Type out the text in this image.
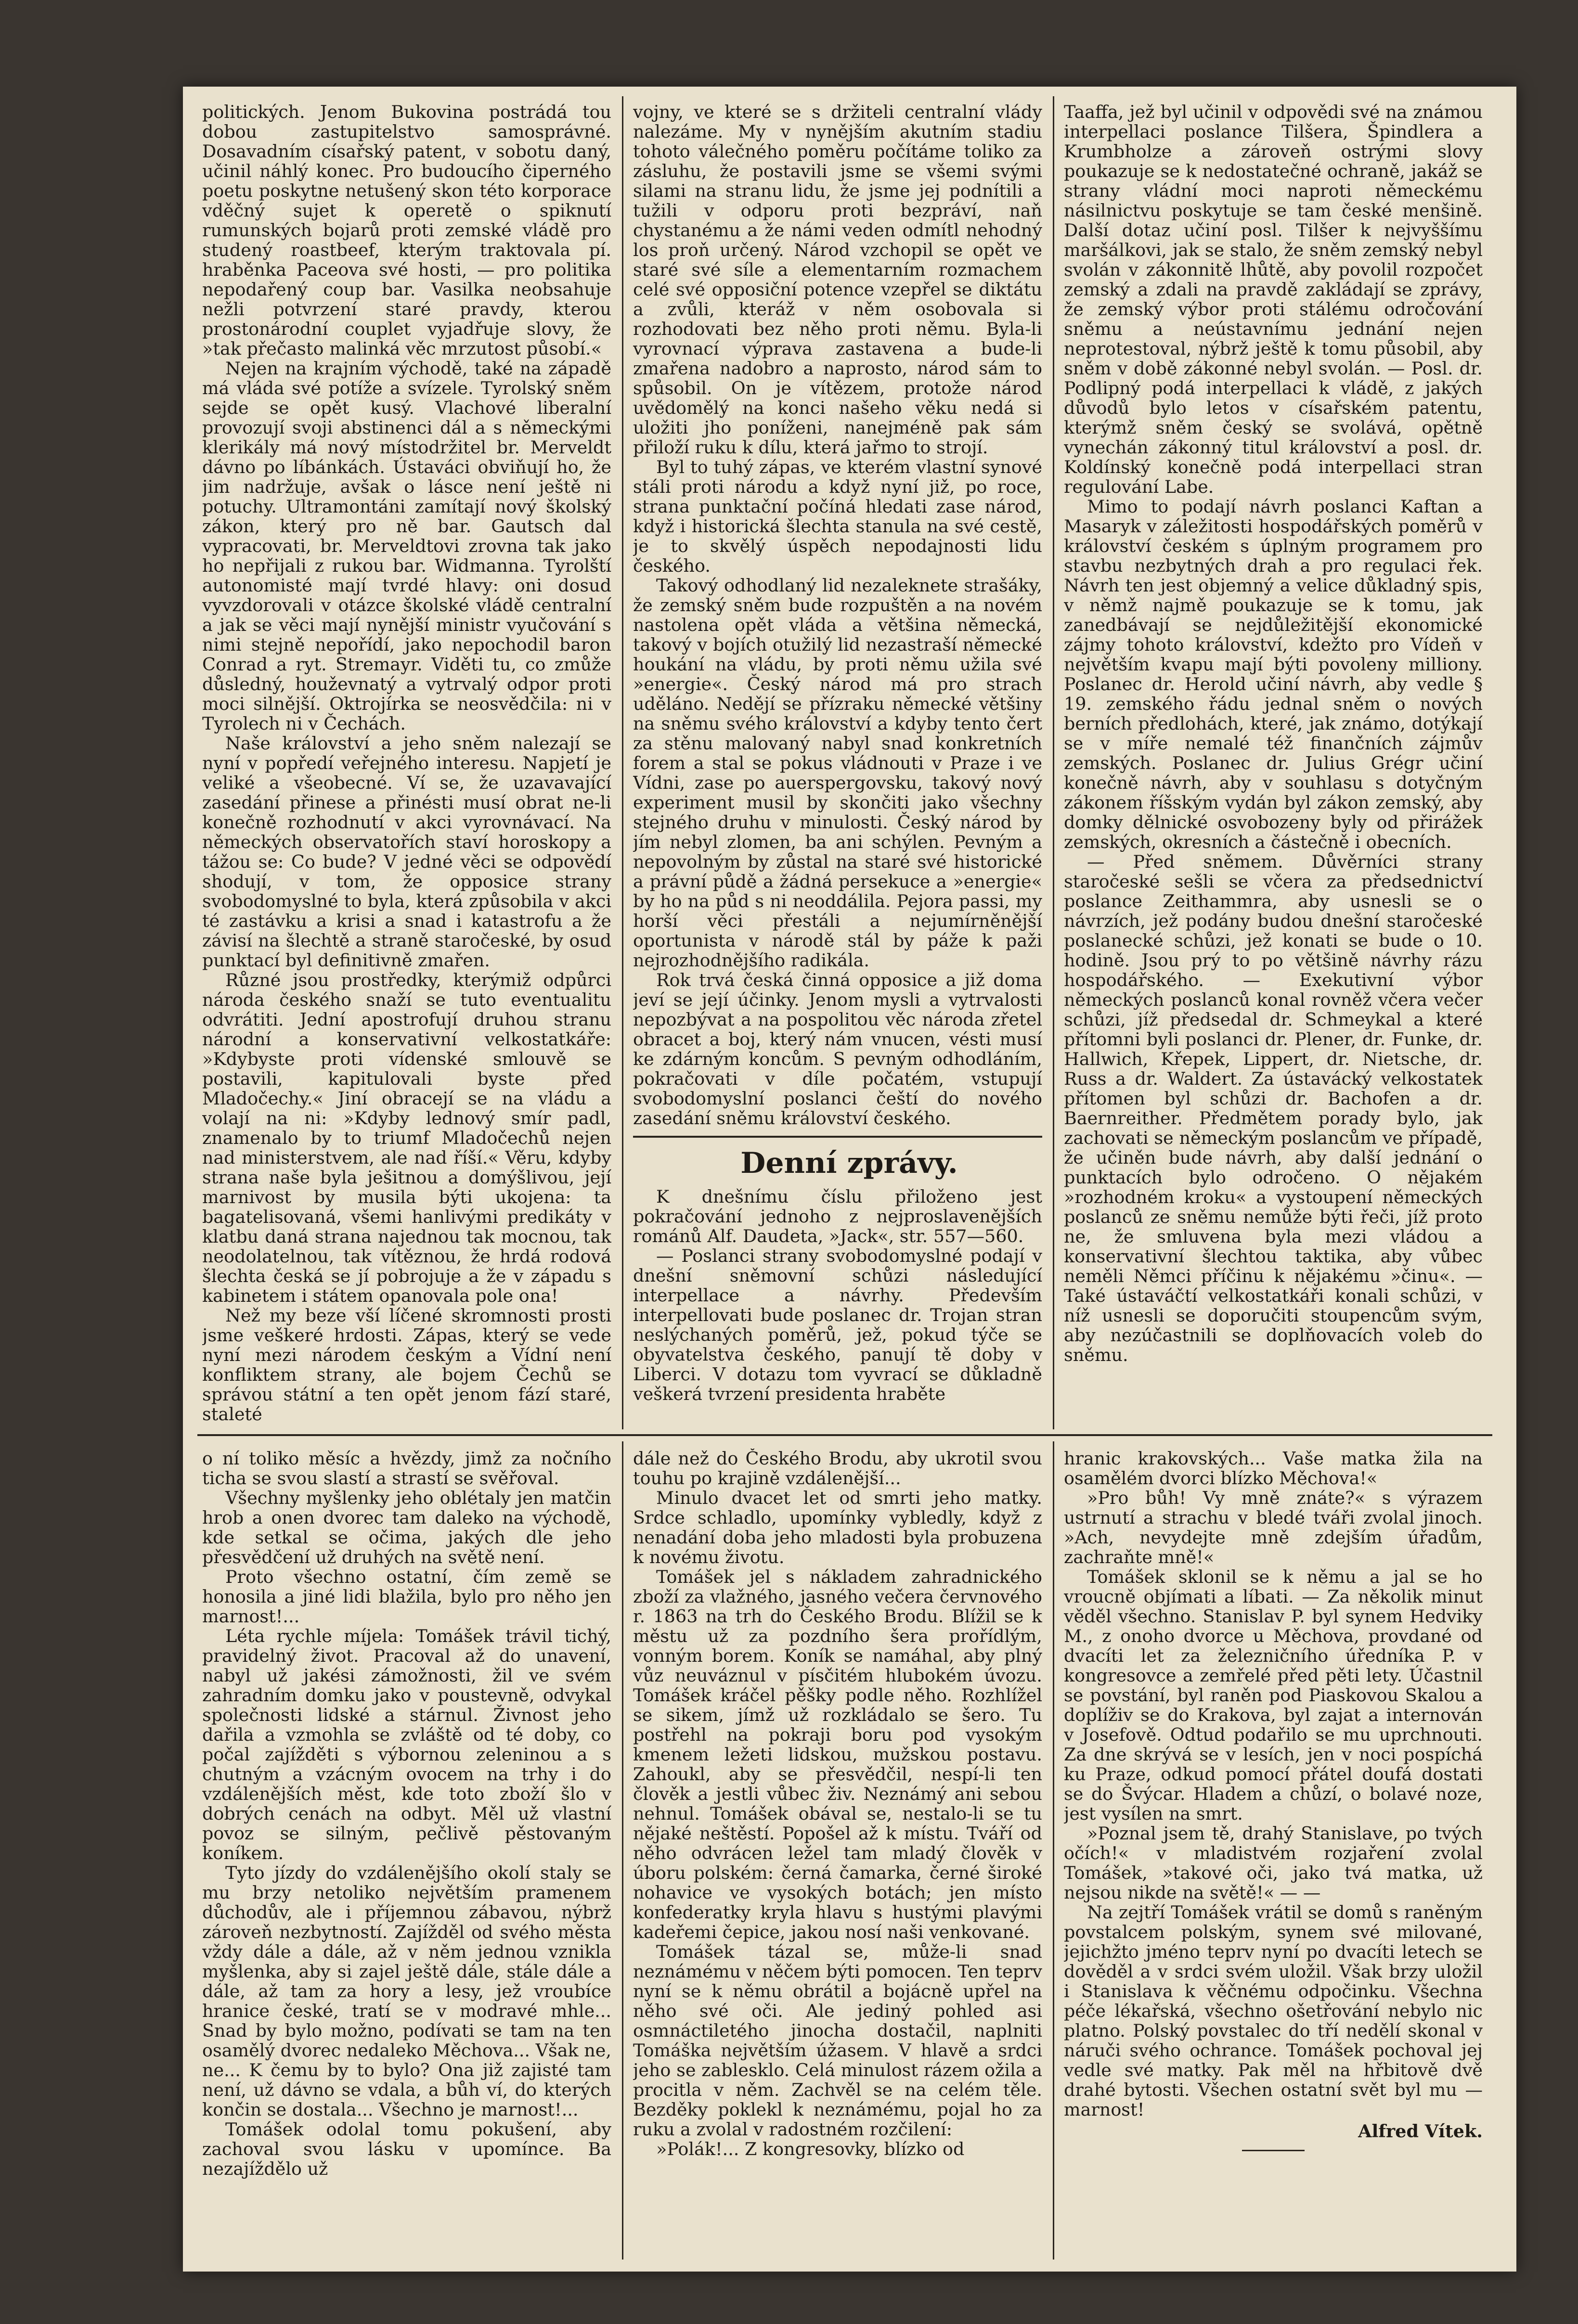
politických. Jenom Bukovina postrádá tou dobou zastupitelstvo samosprávné. Dosavadním císařský patent, v sobotu daný, učinil náhlý konec. Pro budoucího čiperného poetu poskytne netušený skon této korporace vděčný sujet k operetě o spiknutí rumunských bojarů proti zemské vládě pro studený roastbeef, kterým traktovala pí. hraběnka Paceova své hosti, — pro politika nepodařený coup bar. Vasilka neobsahuje nežli potvrzení staré pravdy, kterou prostonárodní couplet vyjadřuje slovy, že »tak přečasto malinká věc mrzutost působí.«

Nejen na krajním východě, také na západě má vláda své potíže a svízele. Tyrolský sněm sejde se opět kusý. Vlachové liberalní provozují svoji abstinenci dál a s německými klerikály má nový místodržitel br. Merveldt dávno po líbánkách. Ústaváci obviňují ho, že jim nadržuje, avšak o lásce není ještě ni potuchy. Ultramontáni zamítají nový školský zákon, který pro ně bar. Gautsch dal vypracovati, br. Merveldtovi zrovna tak jako ho nepřijali z rukou bar. Widmanna. Tyrolští autonomisté mají tvrdé hlavy: oni dosud vyvzdorovali v otázce školské vládě centralní a jak se věci mají nynější ministr vyučování s nimi stejně nepořídí, jako nepochodil baron Conrad a ryt. Stremayr. Viděti tu, co zmůže důsledný, houževnatý a vytrvalý odpor proti moci silnější. Oktrojírka se neosvědčila: ni v Tyrolech ni v Čechách.

Naše království a jeho sněm nalezají se nyní v popředí veřejného interesu. Napjetí je veliké a všeobecné. Ví se, že uzavavající zasedání přinese a přinésti musí obrat ne-li konečně rozhodnutí v akci vyrovnávací. Na německých observatořích staví horoskopy a tážou se: Co bude? V jedné věci se odpovědí shodují, v tom, že opposice strany svobodomyslné to byla, která způsobila v akci té zastávku a krisi a snad i katastrofu a že závisí na šlechtě a straně staročeské, by osud punktací byl definitivně zmařen.

Různé jsou prostředky, kterýmiž odpůrci národa českého snaží se tuto eventualitu odvrátiti. Jední apostrofují druhou stranu národní a konservativní velkostatkáře: »Kdybyste proti vídenské smlouvě se postavili, kapitulovali byste před Mladočechy.« Jiní obracejí se na vládu a volají na ni: »Kdyby lednový smír padl, znamenalo by to triumf Mladočechů nejen nad ministerstvem, ale nad říší.« Věru, kdyby strana naše byla ješitnou a domýšlivou, její marnivost by musila býti ukojena: ta bagatelisovaná, všemi hanlivými predikáty v klatbu daná strana najednou tak mocnou, tak neodolatelnou, tak vítěznou, že hrdá rodová šlechta česká se jí pobrojuje a že v západu s kabinetem i státem opanovala pole ona!

Než my beze vší líčené skromnosti prosti jsme veškeré hrdosti. Zápas, který se vede nyní mezi národem českým a Vídní není konfliktem strany, ale bojem Čechů se správou státní a ten opět jenom fází staré, staleté

vojny, ve které se s držiteli centralní vlády nalezáme. My v nynějším akutním stadiu tohoto válečného poměru počítáme toliko za zásluhu, že postavili jsme se všemi svými silami na stranu lidu, že jsme jej podnítili a tužili v odporu proti bezpráví, naň chystanému a že námi veden odmítl nehodný los proň určený. Národ vzchopil se opět ve staré své síle a elementarním rozmachem celé své opposiční potence vzepřel se diktátu a zvůli, kteráž v něm osobovala si rozhodovati bez něho proti němu. Byla-li vyrovnací výprava zastavena a bude-li zmařena nadobro a naprosto, národ sám to spůsobil. On je vítězem, protože národ uvědomělý na konci našeho věku nedá si uložiti jho poníženi, nanejméně pak sám přiloží ruku k dílu, která jařmo to strojí.

Byl to tuhý zápas, ve kterém vlastní synové stáli proti národu a když nyní již, po roce, strana punktační počíná hledati zase národ, když i historická šlechta stanula na své cestě, je to skvělý úspěch nepodajnosti lidu českého.

Takový odhodlaný lid nezaleknete strašáky, že zemský sněm bude rozpuštěn a na novém nastolena opět vláda a většina německá, takový v bojích otužilý lid nezastraší německé houkání na vládu, by proti němu užila své »energie«. Český národ má pro strach uděláno. Nedějí se přízraku německé většiny na sněmu svého království a kdyby tento čert za stěnu malovaný nabyl snad konkretních forem a stal se pokus vládnouti v Praze i ve Vídni, zase po auerspergovsku, takový nový experiment musil by skončiti jako všechny stejného druhu v minulosti. Český národ by jím nebyl zlomen, ba ani schýlen. Pevným a nepovolným by zůstal na staré své historické a právní půdě a žádná persekuce a »energie« by ho na půd s ni neoddálila. Pejora passi, my horší věci přestáli a nejumírněnější oportunista v národě stál by páže k paži nejrozhodnějšího radikála.

Rok trvá česká činná opposice a již doma jeví se její účinky. Jenom mysli a vytrvalosti nepozbývat a na pospolitou věc národa zřetel obracet a boj, který nám vnucen, vésti musí ke zdárným koncům. S pevným odhodláním, pokračovati v díle počatém, vstupují svobodomyslní poslanci čeští do nového zasedání sněmu království českého.

Denní zprávy.

K dnešnímu číslu přiloženo jest pokračování jednoho z nejproslavenějších románů Alf. Daudeta, »Jack«, str. 557—560.

— Poslanci strany svobodomyslné podají v dnešní sněmovní schůzi následující interpellace a návrhy. Především interpellovati bude poslanec dr. Trojan stran neslýchaných poměrů, jež, pokud týče se obyvatelstva českého, panují tě doby v Liberci. V dotazu tom vyvrací se důkladně veškerá tvrzení presidenta hraběte

Taaffa, jež byl učinil v odpovědi své na známou interpellaci poslance Tilšera, Špindlera a Krumbholze a zároveň ostrými slovy poukazuje se k nedostatečné ochraně, jakáž se strany vládní moci naproti německému násilnictvu poskytuje se tam české menšině. Další dotaz učiní posl. Tilšer k nejvyššímu maršálkovi, jak se stalo, že sněm zemský nebyl svolán v zákonnitě lhůtě, aby povolil rozpočet zemský a zdali na pravdě zakládají se zprávy, že zemský výbor proti stálému odročování sněmu a neústavnímu jednání nejen neprotestoval, nýbrž ještě k tomu působil, aby sněm v době zákonné nebyl svolán. — Posl. dr. Podlipný podá interpellaci k vládě, z jakých důvodů bylo letos v císařském patentu, kterýmž sněm český se svolává, opětně vynechán zákonný titul království a posl. dr. Koldínský konečně podá interpellaci stran regulování Labe.

Mimo to podají návrh poslanci Kaftan a Masaryk v záležitosti hospodářských poměrů v království českém s úplným programem pro stavbu nezbytných drah a pro regulaci řek. Návrh ten jest objemný a velice důkladný spis, v němž najmě poukazuje se k tomu, jak zanedbávají se nejdůležitější ekonomické zájmy tohoto království, kdežto pro Vídeň v největším kvapu mají býti povoleny milliony. Poslanec dr. Herold učiní návrh, aby vedle § 19. zemského řádu jednal sněm o nových berních předlohách, které, jak známo, dotýkají se v míře nemalé též finančních zájmův zemských. Poslanec dr. Julius Grégr učiní konečně návrh, aby v souhlasu s dotyčným zákonem říšským vydán byl zákon zemský, aby domky dělnické osvobozeny byly od přirážek zemských, okresních a částečně i obecních.

— Před sněmem. Důvěrníci strany staročeské sešli se včera za předsednictví poslance Zeithammra, aby usnesli se o návrzích, jež podány budou dnešní staročeské poslanecké schůzi, jež konati se bude o 10. hodině. Jsou prý to po většině návrhy rázu hospodářského. — Exekutivní výbor německých poslanců konal rovněž včera večer schůzi, jíž předsedal dr. Schmeykal a které přítomni byli poslanci dr. Plener, dr. Funke, dr. Hallwich, Křepek, Lippert, dr. Nietsche, dr. Russ a dr. Waldert. Za ústavácký velkostatek přítomen byl schůzi dr. Bachofen a dr. Baernreither. Předmětem porady bylo, jak zachovati se německým poslancům ve případě, že učiněn bude návrh, aby další jednání o punktacích bylo odročeno. O nějakém »rozhodném kroku« a vystoupení německých poslanců ze sněmu nemůže býti řeči, jíž proto ne, že smluvena byla mezi vládou a konservativní šlechtou taktika, aby vůbec neměli Němci příčinu k nějakému »činu«. — Také ústaváčtí velkostatkáři konali schůzi, v níž usnesli se doporučiti stoupencům svým, aby nezúčastnili se doplňovacích voleb do sněmu.

o ní toliko měsíc a hvězdy, jimž za nočního ticha se svou slastí a strastí se svěřoval.

Všechny myšlenky jeho oblétaly jen matčin hrob a onen dvorec tam daleko na východě, kde setkal se očima, jakých dle jeho přesvědčení už druhých na světě není.

Proto všechno ostatní, čím země se honosila a jiné lidi blažila, bylo pro něho jen marnost!...

Léta rychle míjela: Tomášek trávil tichý, pravidelný život. Pracoval až do unavení, nabyl už jakési zámožnosti, žil ve svém zahradním domku jako v poustevně, odvykal společnosti lidské a stárnul. Živnost jeho dařila a vzmohla se zvláště od té doby, co počal zajížděti s výbornou zeleninou a s chutným a vzácným ovocem na trhy i do vzdálenějších měst, kde toto zboží šlo v dobrých cenách na odbyt. Měl už vlastní povoz se silným, pečlivě pěstovaným koníkem.

Tyto jízdy do vzdálenějšího okolí staly se mu brzy netoliko největším pramenem důchodův, ale i příjemnou zábavou, nýbrž zároveň nezbytností. Zajížděl od svého města vždy dále a dále, až v něm jednou vznikla myšlenka, aby si zajel ještě dále, stále dále a dále, až tam za hory a lesy, jež vroubíce hranice české, tratí se v modravé mhle... Snad by bylo možno, podívati se tam na ten osamělý dvorec nedaleko Měchova... Však ne, ne... K čemu by to bylo? Ona již zajisté tam není, už dávno se vdala, a bůh ví, do kterých končin se dostala... Všechno je marnost!...

Tomášek odolal tomu pokušení, aby zachoval svou lásku v upomínce. Ba nezajíždělo už

dále než do Českého Brodu, aby ukrotil svou touhu po krajině vzdálenější...

Minulo dvacet let od smrti jeho matky. Srdce schladlo, upomínky vybledly, když z nenadání doba jeho mladosti byla probuzena k novému životu.

Tomášek jel s nákladem zahradnického zboží za vlažného, jasného večera červnového r. 1863 na trh do Českého Brodu. Blížil se k městu už za pozdního šera prořídlým, vonným borem. Koník se namáhal, aby plný vůz neuváznul v písčitém hlubokém úvozu. Tomášek kráčel pěšky podle něho. Rozhlížel se sikem, jímž už rozkládalo se šero. Tu postřehl na pokraji boru pod vysokým kmenem ležeti lidskou, mužskou postavu. Zahoukl, aby se přesvědčil, nespí-li ten člověk a jestli vůbec živ. Neznámý ani sebou nehnul. Tomášek obával se, nestalo-li se tu nějaké neštěstí. Popošel až k místu. Tváří od něho odvrácen ležel tam mladý člověk v úboru polském: černá čamarka, černé široké nohavice ve vysokých botách; jen místo konfederatky kryla hlavu s hustými plavými kadeřemi čepice, jakou nosí naši venkované.

Tomášek tázal se, může-li snad neznámému v něčem býti pomocen. Ten teprv nyní se k němu obrátil a bojácně upřel na něho své oči. Ale jediný pohled asi osmnáctiletého jinocha dostačil, naplniti Tomáška největším úžasem. V hlavě a srdci jeho se zablesklo. Celá minulost rázem ožila a procitla v něm. Zachvěl se na celém těle. Bezděky poklekl k neznámému, pojal ho za ruku a zvolal v radostném rozčilení:

»Polák!... Z kongresovky, blízko od

hranic krakovských... Vaše matka žila na osamělém dvorci blízko Měchova!«

»Pro bůh! Vy mně znáte?« s výrazem ustrnutí a strachu v bledé tváři zvolal jinoch. »Ach, nevydejte mně zdejším úřadům, zachraňte mně!«

Tomášek sklonil se k němu a jal se ho vroucně objímati a líbati. — Za několik minut věděl všechno. Stanislav P. byl synem Hedviky M., z onoho dvorce u Měchova, provdané od dvacíti let za železničního úředníka P. v kongresovce a zemřelé před pěti lety. Účastnil se povstání, byl raněn pod Piaskovou Skalou a doplíživ se do Krakova, byl zajat a internován v Josefově. Odtud podařilo se mu uprchnouti. Za dne skrývá se v lesích, jen v noci pospíchá ku Praze, odkud pomocí přátel doufá dostati se do Švýcar. Hladem a chůzí, o bolavé noze, jest vysílen na smrt.

»Poznal jsem tě, drahý Stanislave, po tvých očích!« v mladistvém rozjaření zvolal Tomášek, »takové oči, jako tvá matka, už nejsou nikde na světě!« — —

Na zejtří Tomášek vrátil se domů s raněným povstalcem polským, synem své milované, jejichžto jméno teprv nyní po dvacíti letech se dověděl a v srdci svém uložil. Však brzy uložil i Stanislava k věčnému odpočinku. Všechna péče lékařská, všechno ošetřování nebylo nic platno. Polský povstalec do tří nedělí skonal v náruči svého ochrance. Tomášek pochoval jej vedle své matky. Pak měl na hřbitově dvě drahé bytosti. Všechen ostatní svět byl mu — marnost!

Alfred Vítek.
